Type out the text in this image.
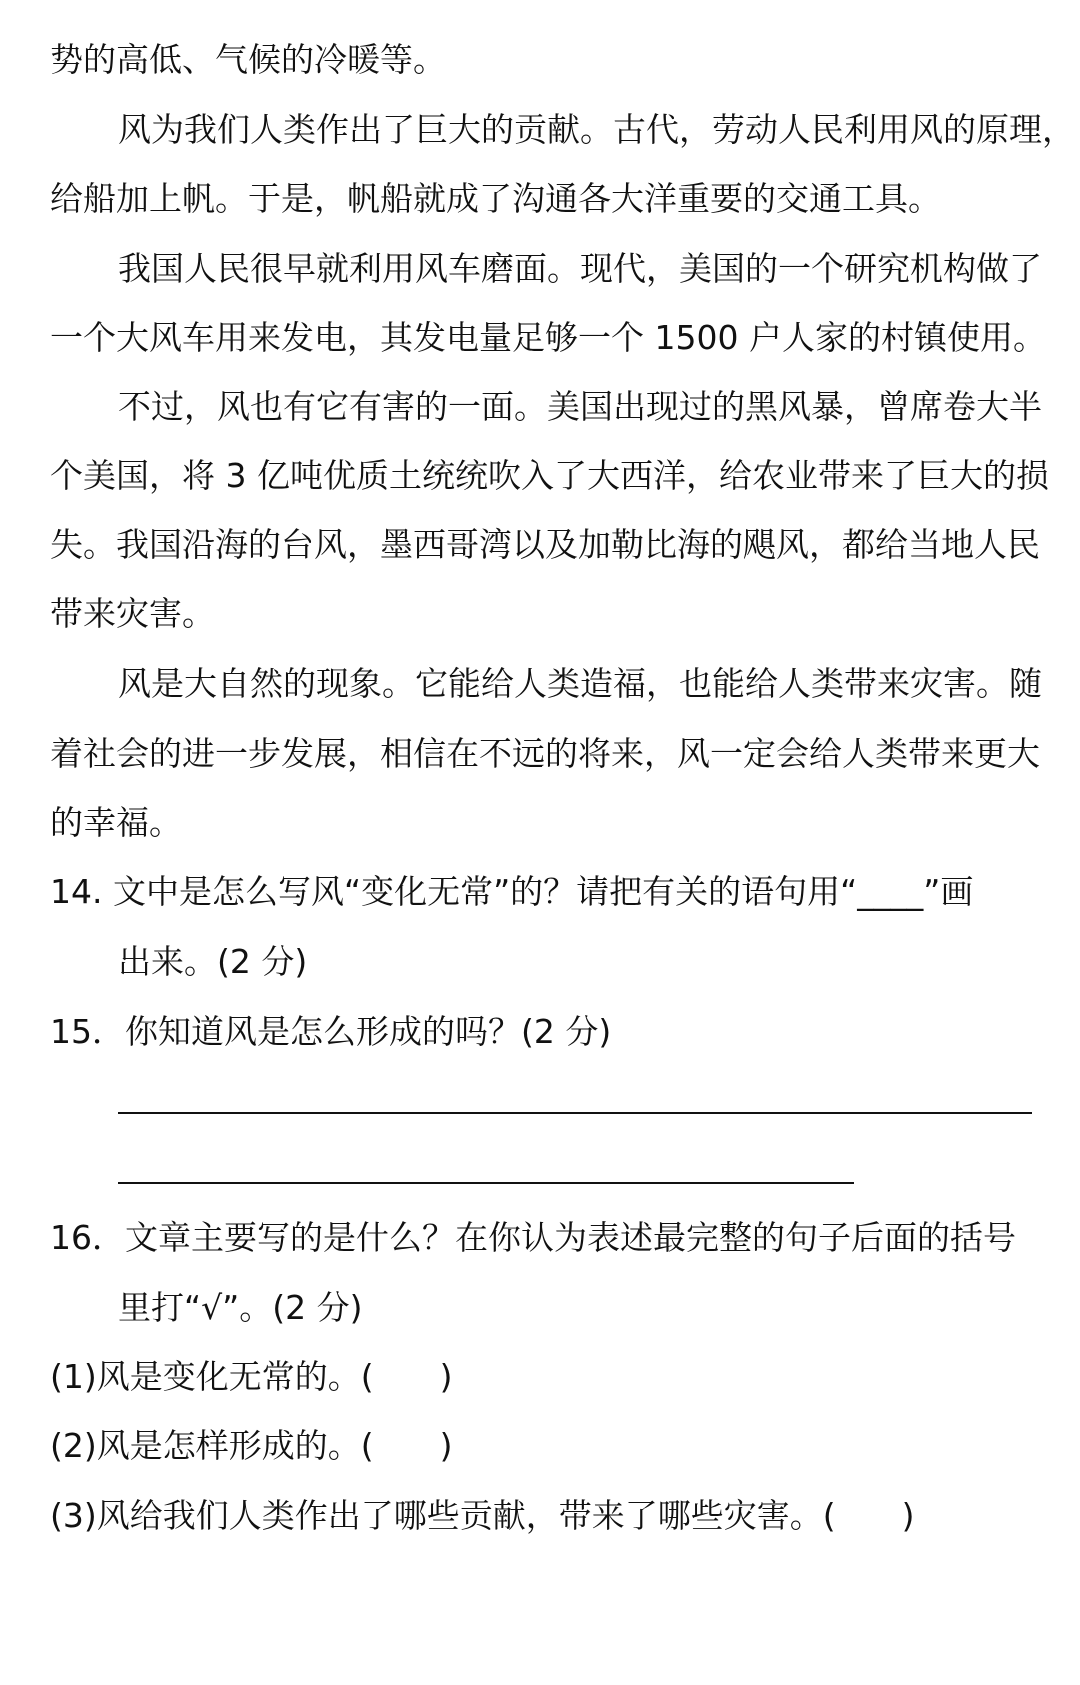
势的高低、气候的冷暖等。
风为我们人类作出了巨大的贡献。古代，劳动人民利用风的原理，
给船加上帆。于是，帆船就成了沟通各大洋重要的交通工具。
我国人民很早就利用风车磨面。现代，美国的一个研究机构做了
一个大风车用来发电，其发电量足够一个 1500 户人家的村镇使用。
不过，风也有它有害的一面。美国出现过的黑风暴，曾席卷大半
个美国，将 3 亿吨优质土统统吹入了大西洋，给农业带来了巨大的损
失。我国沿海的台风，墨西哥湾以及加勒比海的飓风，都给当地人民
带来灾害。
风是大自然的现象。它能给人类造福，也能给人类带来灾害。随
着社会的进一步发展，相信在不远的将来，风一定会给人类带来更大
的幸福。
14. 文中是怎么写风“变化无常”的？请把有关的语句用“____”画
出来。(2 分)
15．你知道风是怎么形成的吗？(2 分)
16．文章主要写的是什么？在你认为表述最完整的句子后面的括号
里打“√”。(2 分)
(1)风是变化无常的。(　　)
(2)风是怎样形成的。(　　)
(3)风给我们人类作出了哪些贡献，带来了哪些灾害。(　　)
